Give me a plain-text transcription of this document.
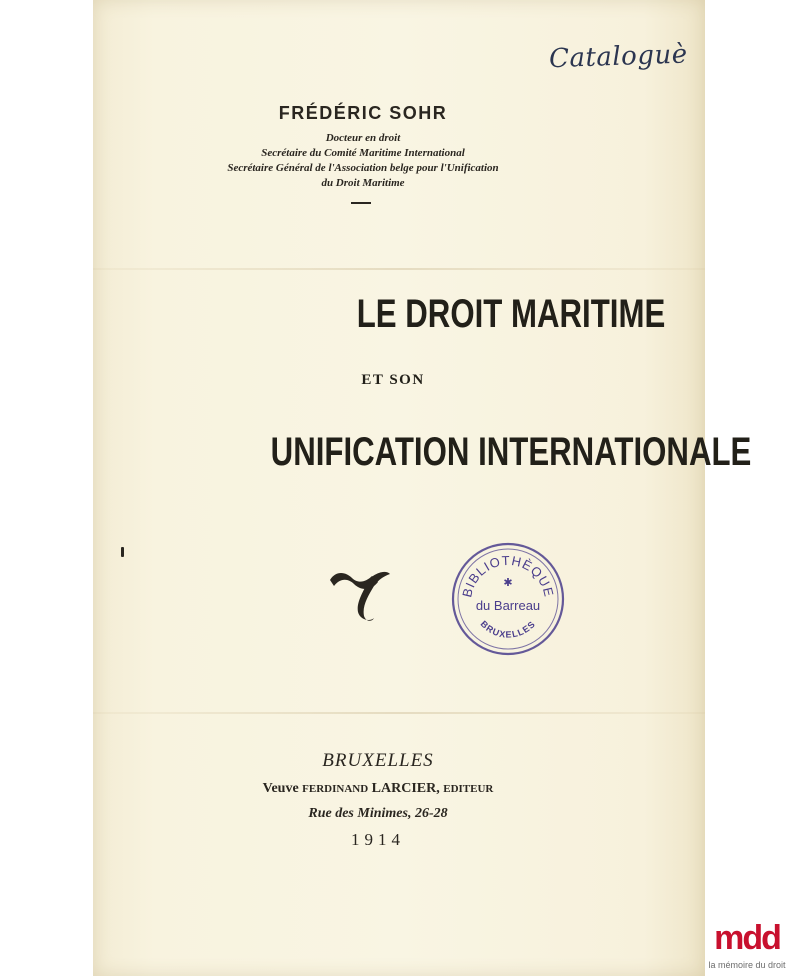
Cataloguè
FRÉDÉRIC SOHR
Docteur en droit
Secrétaire du Comité Maritime International
Secrétaire Général de l'Association belge pour l'Unification
du Droit Maritime
LE DROIT MARITIME
ET SON
UNIFICATION INTERNATIONALE
BIBLIOTHÈQUE
✱
du Barreau
BRUXELLES
BRUXELLES
Veuve FERDINAND LARCIER, EDITEUR
Rue des Minimes, 26-28
1914
mdd
la mémoire du droit
